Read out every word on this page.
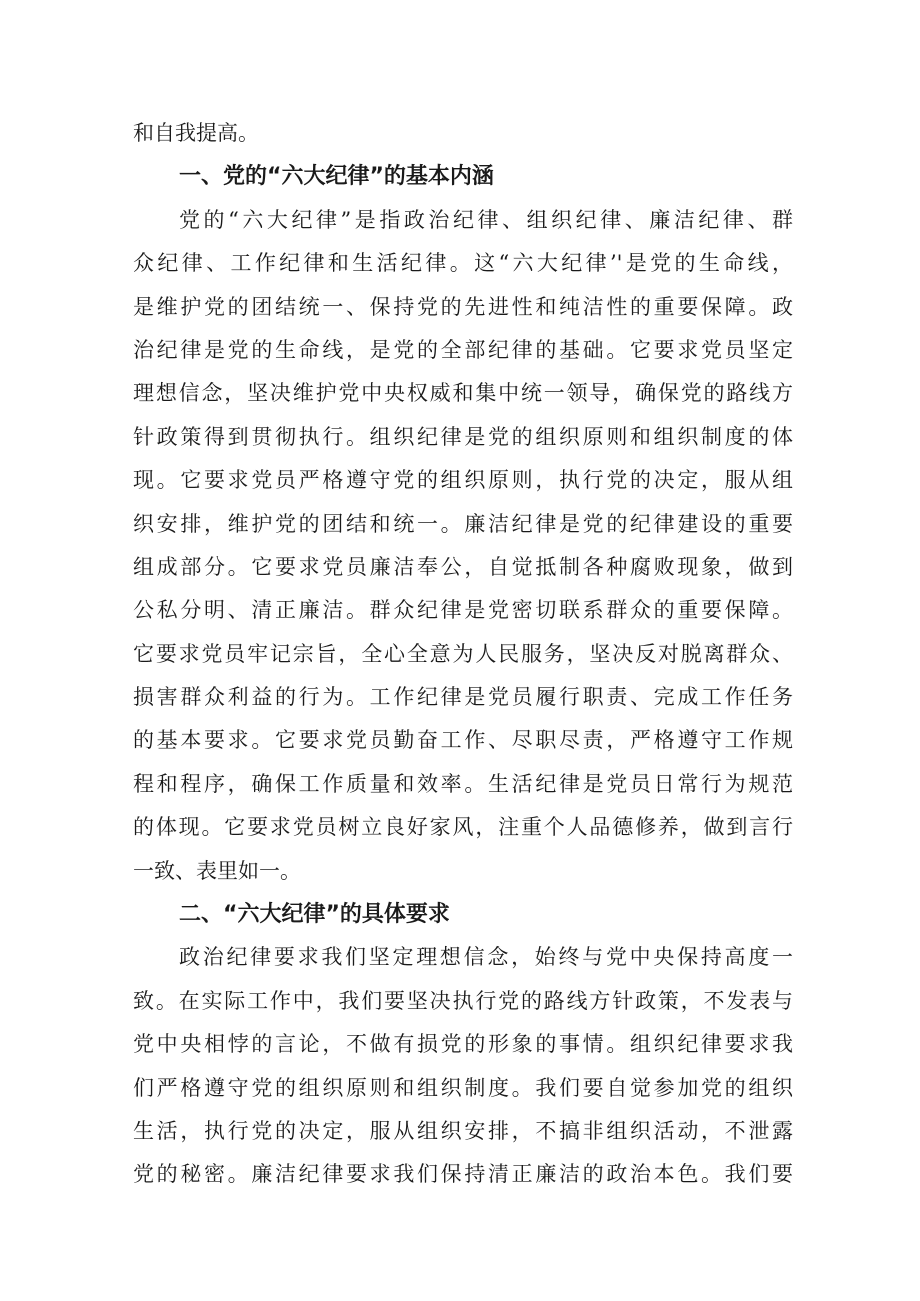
和自我提高。
一、党的“六大纪律”的基本内涵
党的“六大纪律”是指政治纪律、组织纪律、廉洁纪律、群
众纪律、工作纪律和生活纪律。这“六大纪律’'是党的生命线，
是维护党的团结统一、保持党的先进性和纯洁性的重要保障。政
治纪律是党的生命线，是党的全部纪律的基础。它要求党员坚定
理想信念，坚决维护党中央权威和集中统一领导，确保党的路线方
针政策得到贯彻执行。组织纪律是党的组织原则和组织制度的体
现。它要求党员严格遵守党的组织原则，执行党的决定，服从组
织安排，维护党的团结和统一。廉洁纪律是党的纪律建设的重要
组成部分。它要求党员廉洁奉公，自觉抵制各种腐败现象，做到
公私分明、清正廉洁。群众纪律是党密切联系群众的重要保障。
它要求党员牢记宗旨，全心全意为人民服务，坚决反对脱离群众、
损害群众利益的行为。工作纪律是党员履行职责、完成工作任务
的基本要求。它要求党员勤奋工作、尽职尽责，严格遵守工作规
程和程序，确保工作质量和效率。生活纪律是党员日常行为规范
的体现。它要求党员树立良好家风，注重个人品德修养，做到言行
一致、表里如一。
二、“六大纪律”的具体要求
政治纪律要求我们坚定理想信念，始终与党中央保持高度一
致。在实际工作中，我们要坚决执行党的路线方针政策，不发表与
党中央相悖的言论，不做有损党的形象的事情。组织纪律要求我
们严格遵守党的组织原则和组织制度。我们要自觉参加党的组织
生活，执行党的决定，服从组织安排，不搞非组织活动，不泄露
党的秘密。廉洁纪律要求我们保持清正廉洁的政治本色。我们要
